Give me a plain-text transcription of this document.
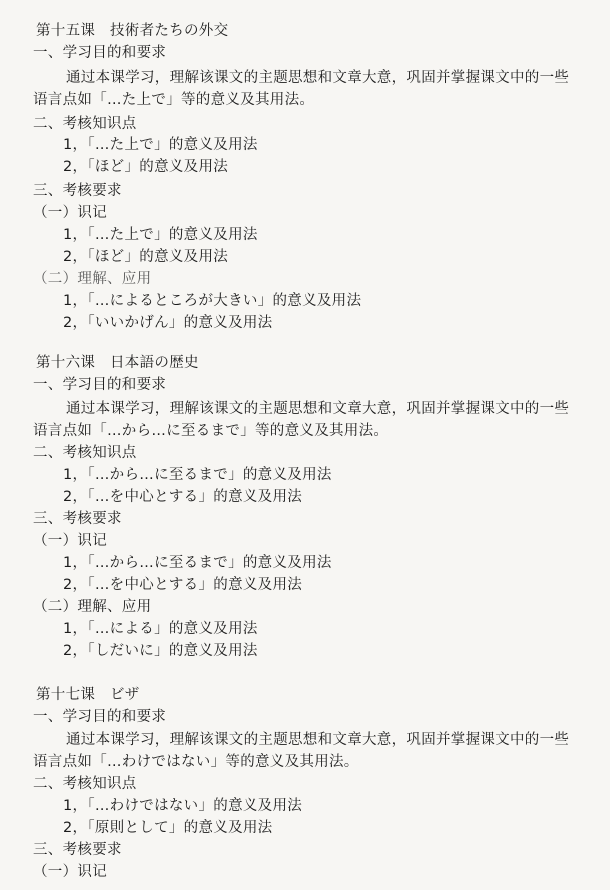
第十五课　技術者たちの外交
一、学习目的和要求
通过本课学习，理解该课文的主题思想和文章大意，巩固并掌握课文中的一些
语言点如「…た上で」等的意义及其用法。
二、考核知识点
1，「…た上で」的意义及用法
2，「ほど」的意义及用法
三、考核要求
（一）识记
1，「…た上で」的意义及用法
2，「ほど」的意义及用法
（二）理解、应用
1，「…によるところが大きい」的意义及用法
2，「いいかげん」的意义及用法
第十六课　日本語の歴史
一、学习目的和要求
通过本课学习，理解该课文的主题思想和文章大意，巩固并掌握课文中的一些
语言点如「…から…に至るまで」等的意义及其用法。
二、考核知识点
1，「…から…に至るまで」的意义及用法
2，「…を中心とする」的意义及用法
三、考核要求
（一）识记
1，「…から…に至るまで」的意义及用法
2，「…を中心とする」的意义及用法
（二）理解、应用
1，「…による」的意义及用法
2，「しだいに」的意义及用法
第十七课　ビザ
一、学习目的和要求
通过本课学习，理解该课文的主题思想和文章大意，巩固并掌握课文中的一些
语言点如「…わけではない」等的意义及其用法。
二、考核知识点
1，「…わけではない」的意义及用法
2，「原則として」的意义及用法
三、考核要求
（一）识记
